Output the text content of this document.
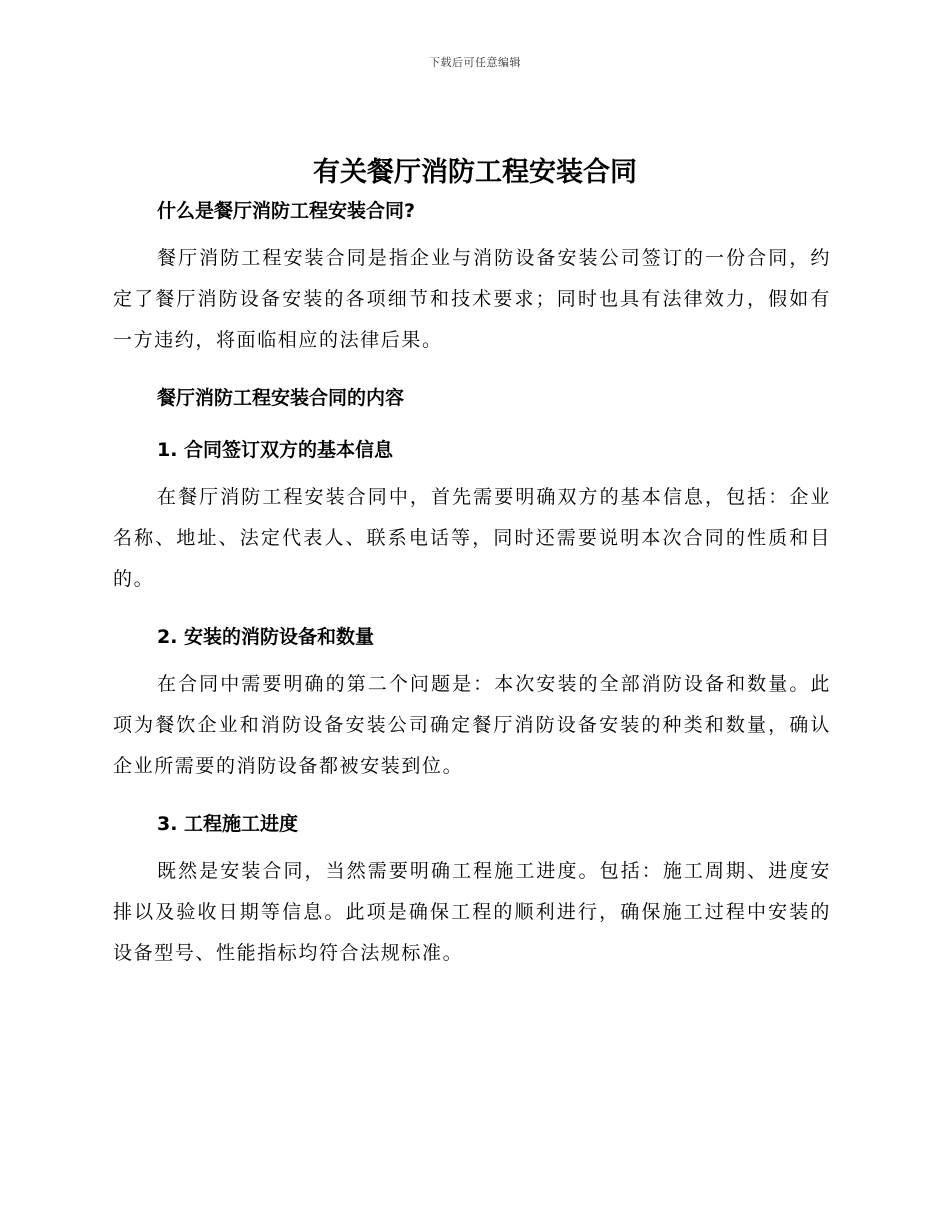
下载后可任意编辑
有关餐厅消防工程安装合同

什么是餐厅消防工程安装合同?

餐厅消防工程安装合同是指企业与消防设备安装公司签订的一份合同，约定了餐厅消防设备安装的各项细节和技术要求；同时也具有法律效力，假如有一方违约，将面临相应的法律后果。

餐厅消防工程安装合同的内容

1. 合同签订双方的基本信息

在餐厅消防工程安装合同中，首先需要明确双方的基本信息，包括：企业名称、地址、法定代表人、联系电话等，同时还需要说明本次合同的性质和目的。

2. 安装的消防设备和数量

在合同中需要明确的第二个问题是：本次安装的全部消防设备和数量。此项为餐饮企业和消防设备安装公司确定餐厅消防设备安装的种类和数量，确认企业所需要的消防设备都被安装到位。

3. 工程施工进度

既然是安装合同，当然需要明确工程施工进度。包括：施工周期、进度安排以及验收日期等信息。此项是确保工程的顺利进行，确保施工过程中安装的设备型号、性能指标均符合法规标准。
